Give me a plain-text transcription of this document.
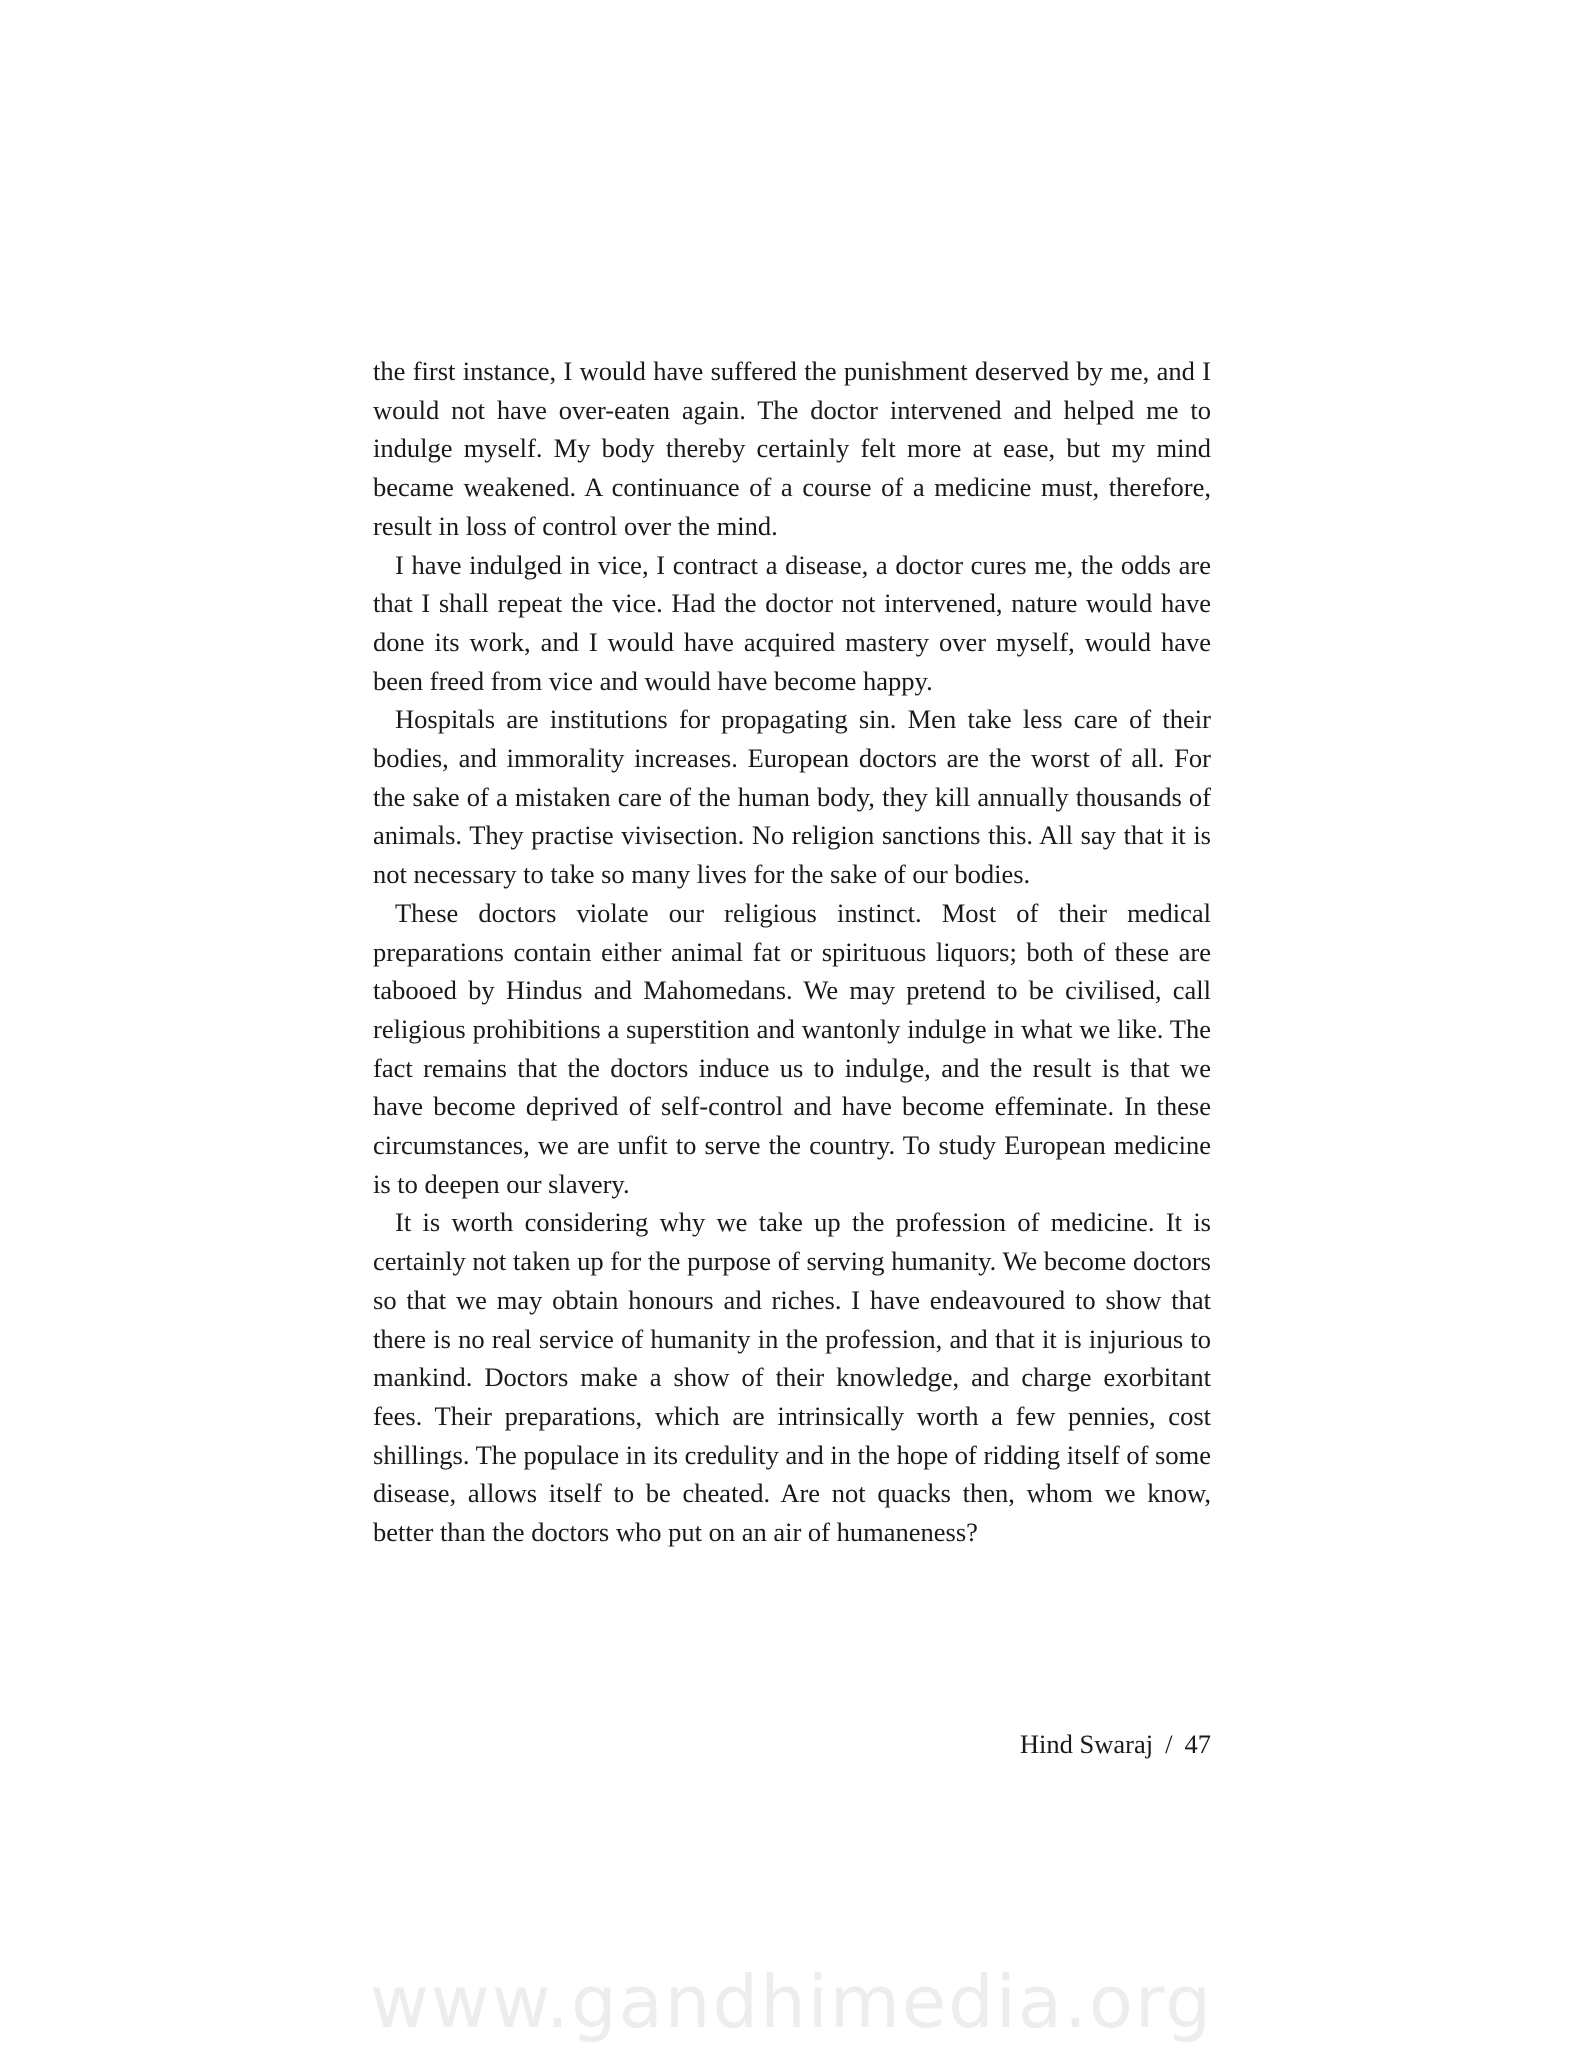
the first instance, I would have suffered the punishment deserved by me, and I would not have over-eaten again. The doctor intervened and helped me to indulge myself. My body thereby certainly felt more at ease, but my mind became weakened. A continuance of a course of a medicine must, therefore, result in loss of control over the mind.

I have indulged in vice, I contract a disease, a doctor cures me, the odds are that I shall repeat the vice. Had the doctor not intervened, nature would have done its work, and I would have acquired mastery over myself, would have been freed from vice and would have become happy.

Hospitals are institutions for propagating sin. Men take less care of their bodies, and immorality increases. European doctors are the worst of all. For the sake of a mistaken care of the human body, they kill annually thousands of animals. They practise vivisection. No religion sanctions this. All say that it is not necessary to take so many lives for the sake of our bodies.

These doctors violate our religious instinct. Most of their medical preparations contain either animal fat or spirituous liquors; both of these are tabooed by Hindus and Mahomedans. We may pretend to be civilised, call religious prohibitions a superstition and wantonly indulge in what we like. The fact remains that the doctors induce us to indulge, and the result is that we have become deprived of self-control and have become effeminate. In these circumstances, we are unfit to serve the country. To study European medicine is to deepen our slavery.

It is worth considering why we take up the profession of medicine. It is certainly not taken up for the purpose of serving humanity. We become doctors so that we may obtain honours and riches. I have endeavoured to show that there is no real service of humanity in the profession, and that it is injurious to mankind. Doctors make a show of their knowledge, and charge exorbitant fees. Their preparations, which are intrinsically worth a few pennies, cost shillings. The populace in its credulity and in the hope of ridding itself of some disease, allows itself to be cheated. Are not quacks then, whom we know, better than the doctors who put on an air of humaneness?

Hind Swaraj / 47
www.gandhimedia.org
